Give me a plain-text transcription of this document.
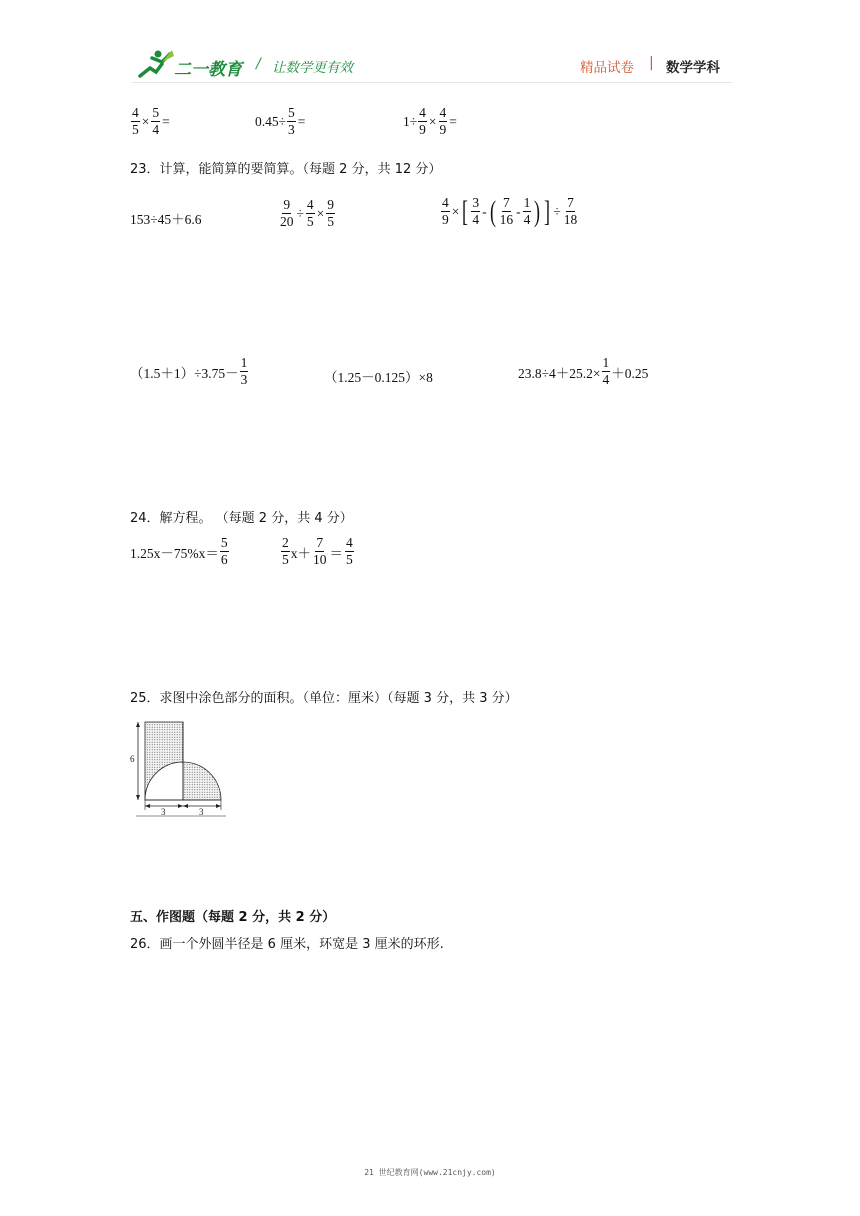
二一教育 / 让数学更有效	精品试卷 | 数学学科
$\frac{4}{5} \times \frac{5}{4}$ =	$0.45\div \frac{5}{3}$ =	$1\div \frac{4}{9} \times \frac{4}{9}$ =
23．计算，能简算的要简算。（每题 2 分，共 12 分）
153÷45＋6.6	$\frac{9}{20} \div \frac{4}{5} \times \frac{9}{5}$	$\frac{4}{9}$ × [ $\frac{3}{4}$ - ( $\frac{7}{16} - \frac{1}{4}$ ) ] ÷ $\frac{7}{18}$
$(1.5+1)\div 3.75- \frac{1}{3}$	（1.25－0.125）×8	$23.8\div 4+25.2\times \frac{1}{4} +0.25$
24．解方程。 （每题 2 分，共 4 分）
$1.25x-75\%x= \frac{5}{6}$	$\frac{2}{5} x+ \frac{7}{10} = \frac{4}{5}$
25．求图中涂色部分的面积。（单位：厘米）（每题 3 分，共 3 分）
6
3	3
五、作图题（每题 2 分，共 2 分）
26．画一个外圆半径是 6 厘米，环宽是 3 厘米的环形.
21 世纪教育网(www.21cnjy.com)
